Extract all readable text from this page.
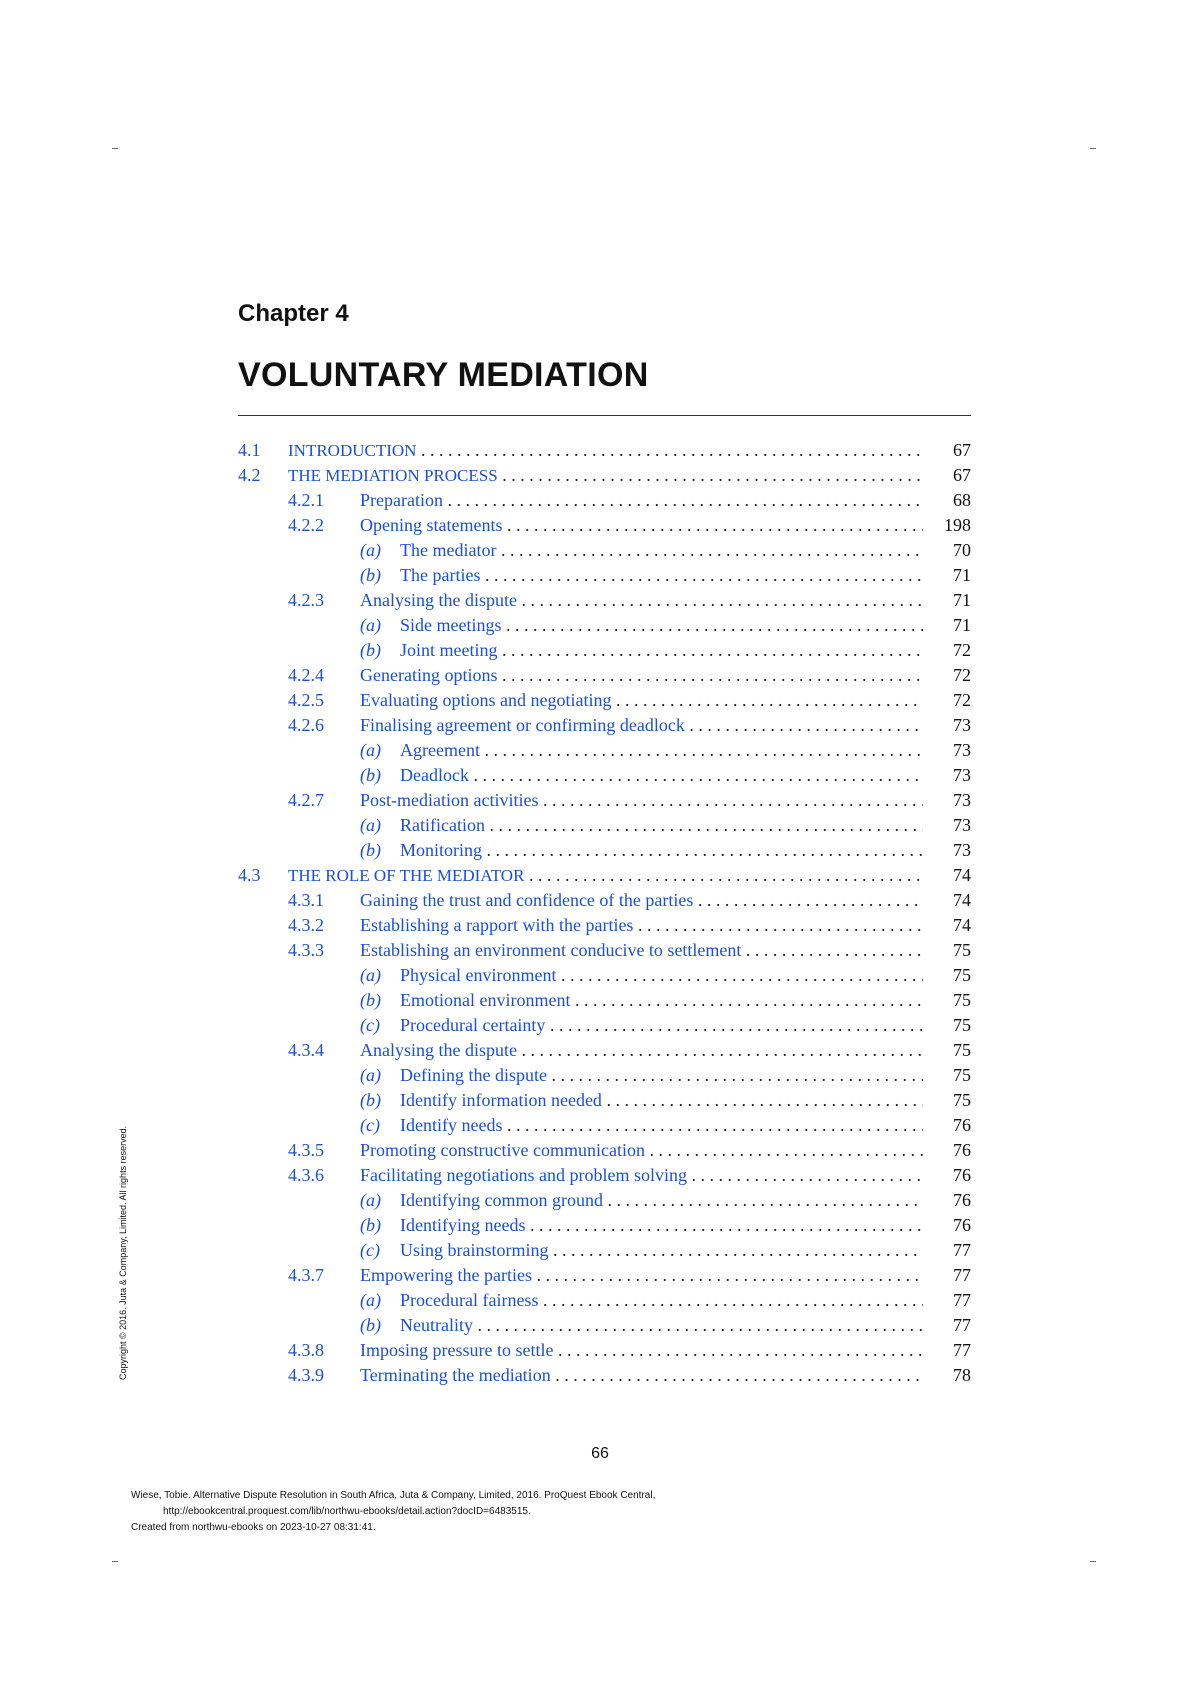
Chapter 4
VOLUNTARY MEDIATION
4.1 INTRODUCTION . . .	67
4.2 THE MEDIATION PROCESS . . .	67
4.2.1 Preparation . . .	68
4.2.2 Opening statements . . .	198
(a) The mediator . . .	70
(b) The parties . . .	71
4.2.3 Analysing the dispute . . .	71
(a) Side meetings . . .	71
(b) Joint meeting . . .	72
4.2.4 Generating options . . .	72
4.2.5 Evaluating options and negotiating . . .	72
4.2.6 Finalising agreement or confirming deadlock . . .	73
(a) Agreement . . .	73
(b) Deadlock . . .	73
4.2.7 Post-mediation activities . . .	73
(a) Ratification . . .	73
(b) Monitoring . . .	73
4.3 THE ROLE OF THE MEDIATOR . . .	74
4.3.1 Gaining the trust and confidence of the parties . . .	74
4.3.2 Establishing a rapport with the parties . . .	74
4.3.3 Establishing an environment conducive to settlement . . .	75
(a) Physical environment . . .	75
(b) Emotional environment . . .	75
(c) Procedural certainty . . .	75
4.3.4 Analysing the dispute . . .	75
(a) Defining the dispute . . .	75
(b) Identify information needed . . .	75
(c) Identify needs . . .	76
4.3.5 Promoting constructive communication . . .	76
4.3.6 Facilitating negotiations and problem solving . . .	76
(a) Identifying common ground . . .	76
(b) Identifying needs . . .	76
(c) Using brainstorming . . .	77
4.3.7 Empowering the parties . . .	77
(a) Procedural fairness . . .	77
(b) Neutrality . . .	77
4.3.8 Imposing pressure to settle . . .	77
4.3.9 Terminating the mediation . . .	78
Copyright © 2016. Juta & Company, Limited. All rights reserved.
66
Wiese, Tobie. Alternative Dispute Resolution in South Africa, Juta & Company, Limited, 2016. ProQuest Ebook Central,
http://ebookcentral.proquest.com/lib/northwu-ebooks/detail.action?docID=6483515.
Created from northwu-ebooks on 2023-10-27 08:31:41.
